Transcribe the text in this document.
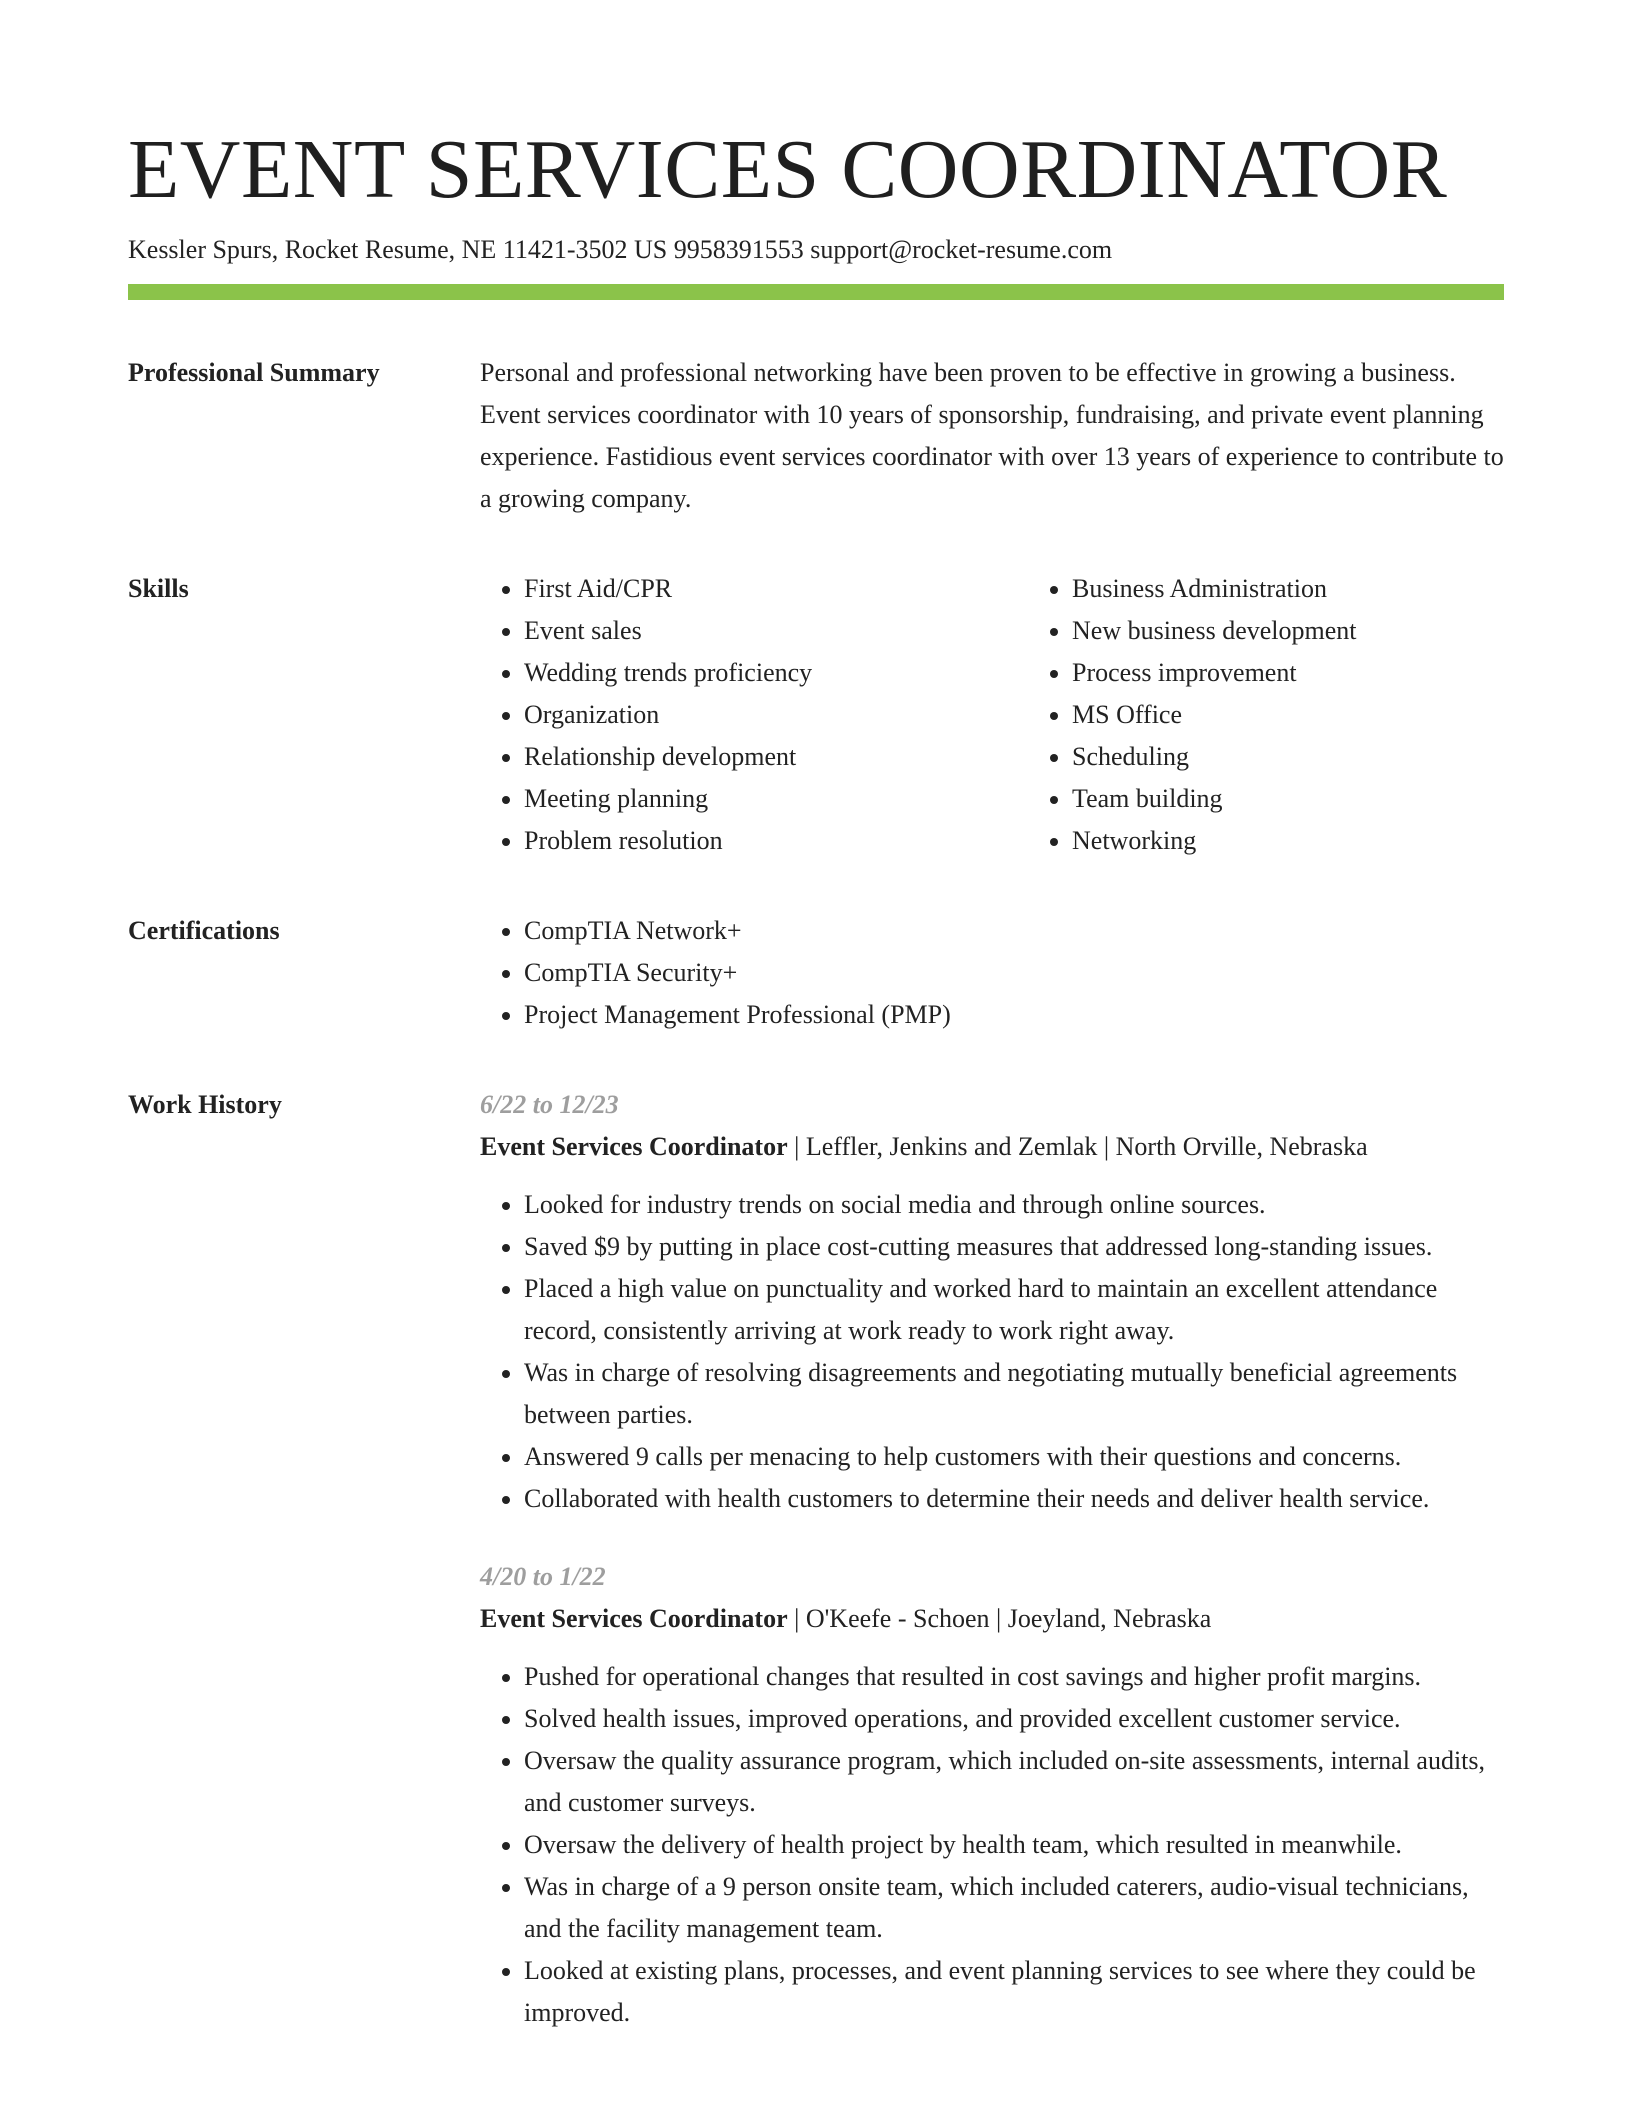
EVENT SERVICES COORDINATOR
Kessler Spurs, Rocket Resume, NE 11421-3502 US 9958391553 support@rocket-resume.com
Professional Summary	Personal and professional networking have been proven to be effective in growing a business. Event services coordinator with 10 years of sponsorship, fundraising, and private event planning experience. Fastidious event services coordinator with over 13 years of experience to contribute to a growing company.

Skills	• First Aid/CPR
• Event sales
• Wedding trends proficiency
• Organization
• Relationship development
• Meeting planning
• Problem resolution
• Business Administration
• New business development
• Process improvement
• MS Office
• Scheduling
• Team building
• Networking
Certifications	• CompTIA Network+
• CompTIA Security+
• Project Management Professional (PMP)
Work History	6/22 to 12/23
Event Services Coordinator | Leffler, Jenkins and Zemlak | North Orville, Nebraska
• Looked for industry trends on social media and through online sources.
• Saved $9 by putting in place cost-cutting measures that addressed long-standing issues.
• Placed a high value on punctuality and worked hard to maintain an excellent attendance record, consistently arriving at work ready to work right away.
• Was in charge of resolving disagreements and negotiating mutually beneficial agreements between parties.
• Answered 9 calls per menacing to help customers with their questions and concerns.
• Collaborated with health customers to determine their needs and deliver health service.
4/20 to 1/22
Event Services Coordinator | O'Keefe - Schoen | Joeyland, Nebraska
• Pushed for operational changes that resulted in cost savings and higher profit margins.
• Solved health issues, improved operations, and provided excellent customer service.
• Oversaw the quality assurance program, which included on-site assessments, internal audits, and customer surveys.
• Oversaw the delivery of health project by health team, which resulted in meanwhile.
• Was in charge of a 9 person onsite team, which included caterers, audio-visual technicians, and the facility management team.
• Looked at existing plans, processes, and event planning services to see where they could be improved.
